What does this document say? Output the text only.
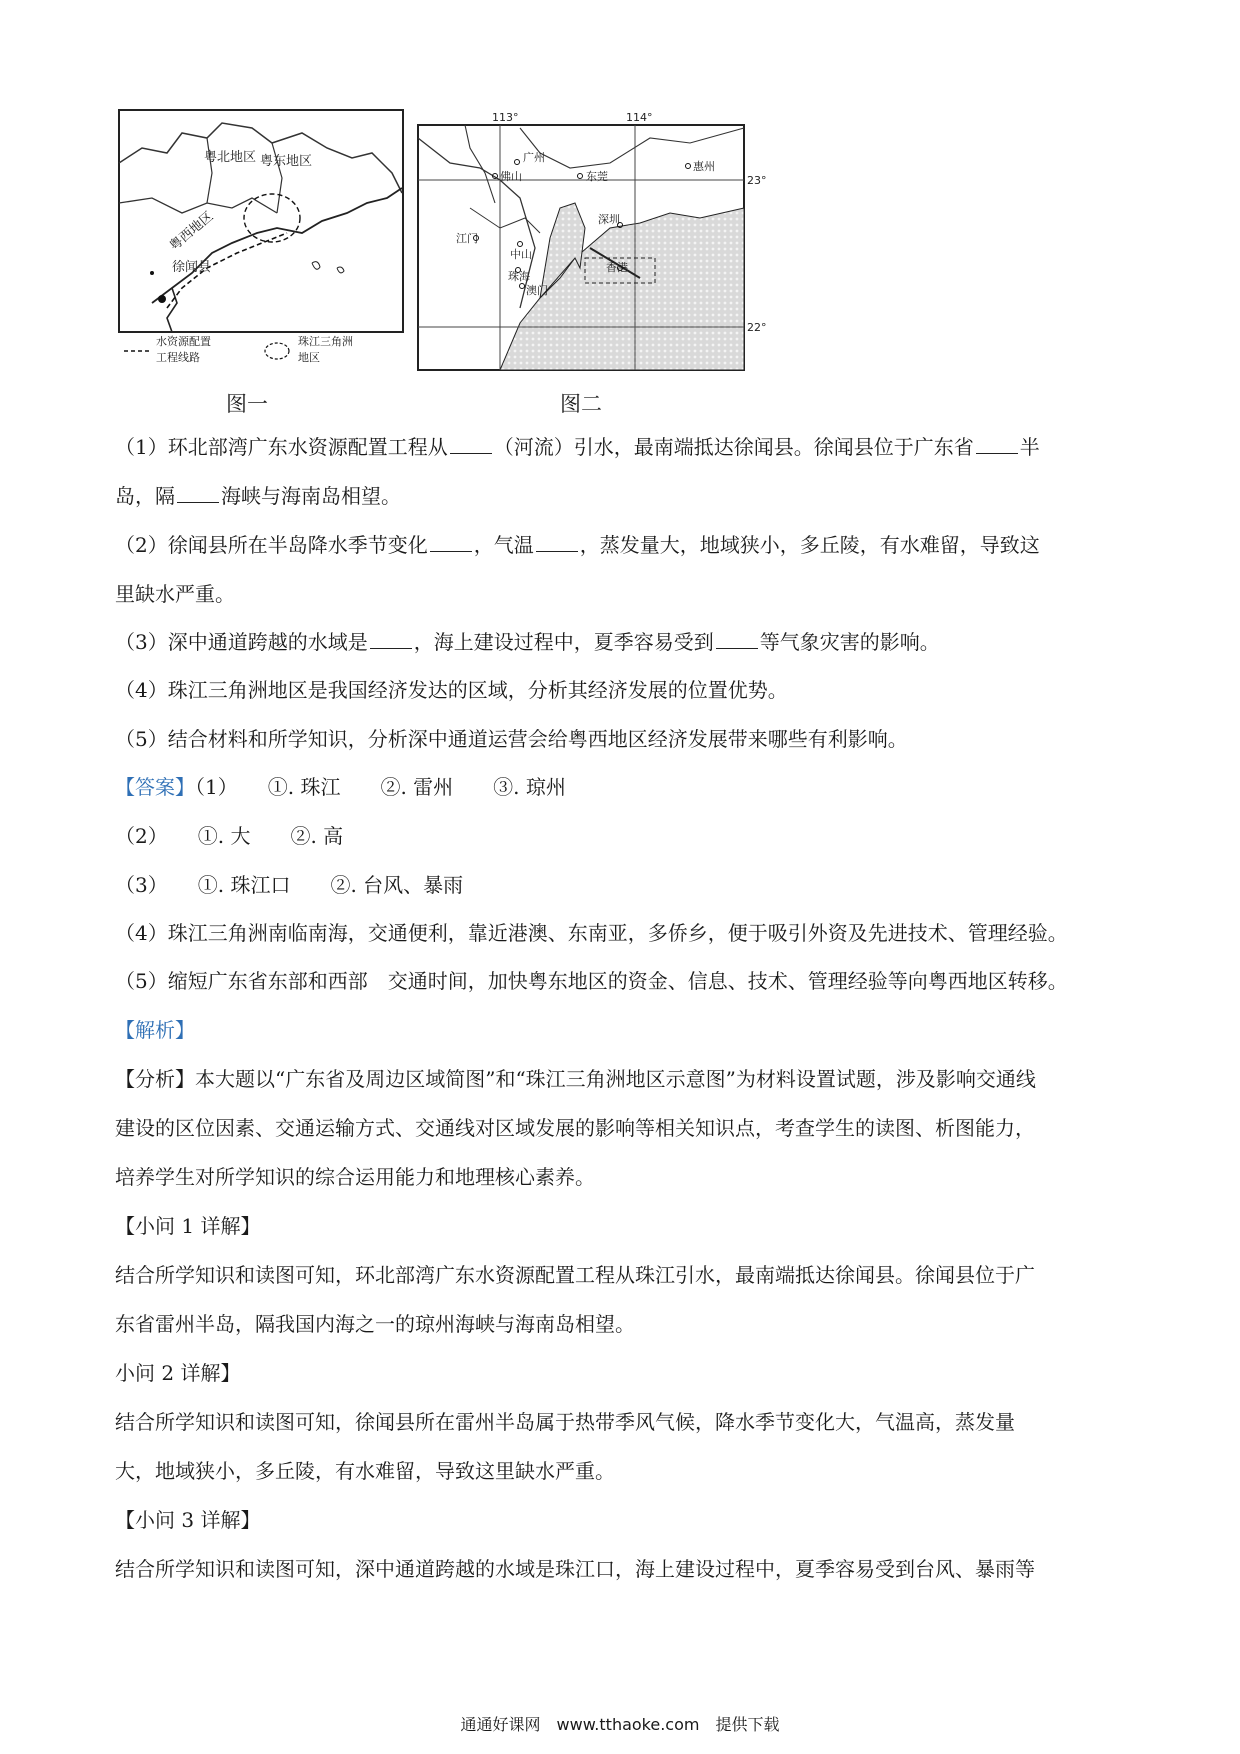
粤北地区 粤东地区
粤西地区
徐闻县
水资源配置
工程线路
珠江三角洲
地区
113°	114°
23°
22°
广州
佛山	东莞
惠州
深圳
江门
中山
珠海
澳门
香港
图一	图二
（1）环北部湾广东水资源配置工程从 （河流）引水，最南端抵达徐闻县。徐闻县位于广东省 半
岛，隔 海峡与海南岛相望。
（2）徐闻县所在半岛降水季节变化 ，气温 ，蒸发量大，地域狭小，多丘陵，有水难留，导致这
里缺水严重。
（3）深中通道跨越的水域是 ，海上建设过程中，夏季容易受到 等气象灾害的影响。
（4）珠江三角洲地区是我国经济发达的区域，分析其经济发展的位置优势。
（5）结合材料和所学知识，分析深中通道运营会给粤西地区经济发展带来哪些有利影响。
【答案】（1）　　①. 珠江　　②. 雷州　　③. 琼州
（2）　　①. 大　　②. 高
（3）　　①. 珠江口　　②. 台风、暴雨
（4）珠江三角洲南临南海，交通便利，靠近港澳、东南亚，多侨乡，便于吸引外资及先进技术、管理经验。
（5）缩短广东省东部和西部　交通时间，加快粤东地区的资金、信息、技术、管理经验等向粤西地区转移。
【解析】
【分析】本大题以“广东省及周边区域简图”和“珠江三角洲地区示意图”为材料设置试题，涉及影响交通线
建设的区位因素、交通运输方式、交通线对区域发展的影响等相关知识点，考查学生的读图、析图能力，
培养学生对所学知识的综合运用能力和地理核心素养。
【小问 1 详解】
结合所学知识和读图可知，环北部湾广东水资源配置工程从珠江引水，最南端抵达徐闻县。徐闻县位于广
东省雷州半岛，隔我国内海之一的琼州海峡与海南岛相望。
小问 2 详解】
结合所学知识和读图可知，徐闻县所在雷州半岛属于热带季风气候，降水季节变化大，气温高，蒸发量
大，地域狭小，多丘陵，有水难留，导致这里缺水严重。
【小问 3 详解】
结合所学知识和读图可知，深中通道跨越的水域是珠江口，海上建设过程中，夏季容易受到台风、暴雨等
通通好课网　www.tthaoke.com　提供下载
